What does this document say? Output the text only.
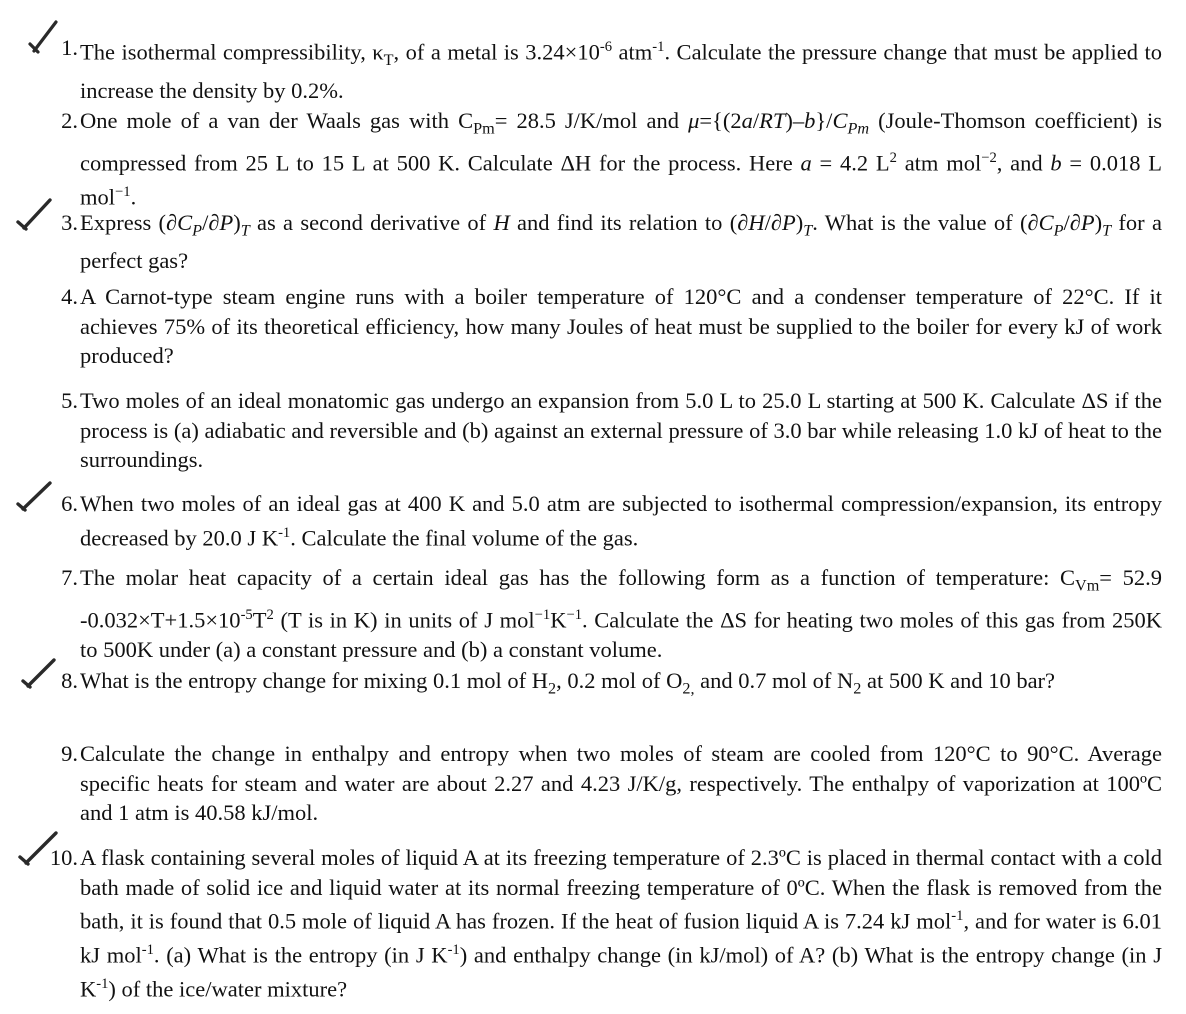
1. The isothermal compressibility, $\kappa_T$, of a metal is $3.24\times 10^{-6}$ atm$^{-1}$. Calculate the pressure change that must be applied to increase the density by 0.2%.
2. One mole of a van der Waals gas with $C_{Pm}= 28.5$ J/K/mol and $\mu=\{(2a/RT)-b\}/C_{Pm}$ (Joule-Thomson coefficient) is compressed from 25 L to 15 L at 500 K. Calculate ΔH for the process. Here a = 4.2 $L^2$ atm mol$^{-2}$, and b = 0.018 L mol$^{-1}$.
3. Express $(\partial C_P/\partial P)_T$ as a second derivative of H and find its relation to $(\partial H/\partial P)_T$. What is the value of $(\partial C_P/\partial P)_T$ for a perfect gas?
4. A Carnot-type steam engine runs with a boiler temperature of 120°C and a condenser temperature of 22°C. If it achieves 75% of its theoretical efficiency, how many Joules of heat must be supplied to the boiler for every kJ of work produced?
5. Two moles of an ideal monatomic gas undergo an expansion from 5.0 L to 25.0 L starting at 500 K. Calculate ΔS if the process is (a) adiabatic and reversible and (b) against an external pressure of 3.0 bar while releasing 1.0 kJ of heat to the surroundings.
6. When two moles of an ideal gas at 400 K and 5.0 atm are subjected to isothermal compression/expansion, its entropy decreased by 20.0 J $K^{-1}$. Calculate the final volume of the gas.
7. The molar heat capacity of a certain ideal gas has the following form as a function of temperature: $C_{Vm}= 52.9$ $-0.032\times T+1.5\times 10^{-5}T^2$ (T is in K) in units of J $mol^{-1}K^{-1}$. Calculate the ΔS for heating two moles of this gas from 250K to 500K under (a) a constant pressure and (b) a constant volume.
8. What is the entropy change for mixing 0.1 mol of $H_2$, 0.2 mol of $O_{2,}$ and 0.7 mol of $N_2$ at 500 K and 10 bar?
9. Calculate the change in enthalpy and entropy when two moles of steam are cooled from 120°C to 90°C. Average specific heats for steam and water are about 2.27 and 4.23 J/K/g, respectively. The enthalpy of vaporization at 100ºC and 1 atm is 40.58 kJ/mol.
10. A flask containing several moles of liquid A at its freezing temperature of 2.3ºC is placed in thermal contact with a cold bath made of solid ice and liquid water at its normal freezing temperature of 0ºC. When the flask is removed from the bath, it is found that 0.5 mole of liquid A has frozen. If the heat of fusion liquid A is 7.24 kJ mol$^{-1}$, and for water is 6.01 kJ mol$^{-1}$. (a) What is the entropy (in J $K^{-1}$) and enthalpy change (in kJ/mol) of A? (b) What is the entropy change (in J $K^{-1}$) of the ice/water mixture?
